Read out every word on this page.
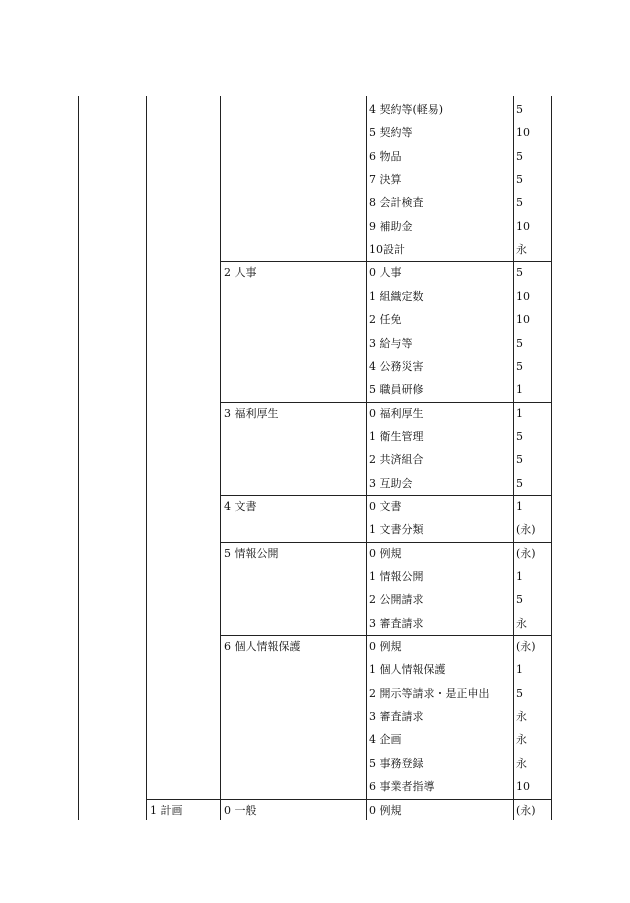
4 契約等(軽易)	5
5 契約等	10
6 物品	5
7 決算	5
8 会計検査	5
9 補助金	10
10設計	永
2 人事	0 人事	5
1 組織定数	10
2 任免	10
3 給与等	5
4 公務災害	5
5 職員研修	1
3 福利厚生	0 福利厚生	1
1 衛生管理	5
2 共済組合	5
3 互助会	5
4 文書	0 文書	1
1 文書分類	(永)
5 情報公開	0 例規	(永)
1 情報公開	1
2 公開請求	5
3 審査請求	永
6 個人情報保護	0 例規	(永)
1 個人情報保護	1
2 開示等請求・是正申出 5
3 審査請求	永
4 企画	永
5 事務登録	永
6 事業者指導	10
1 計画	0 一般	0 例規	(永)
